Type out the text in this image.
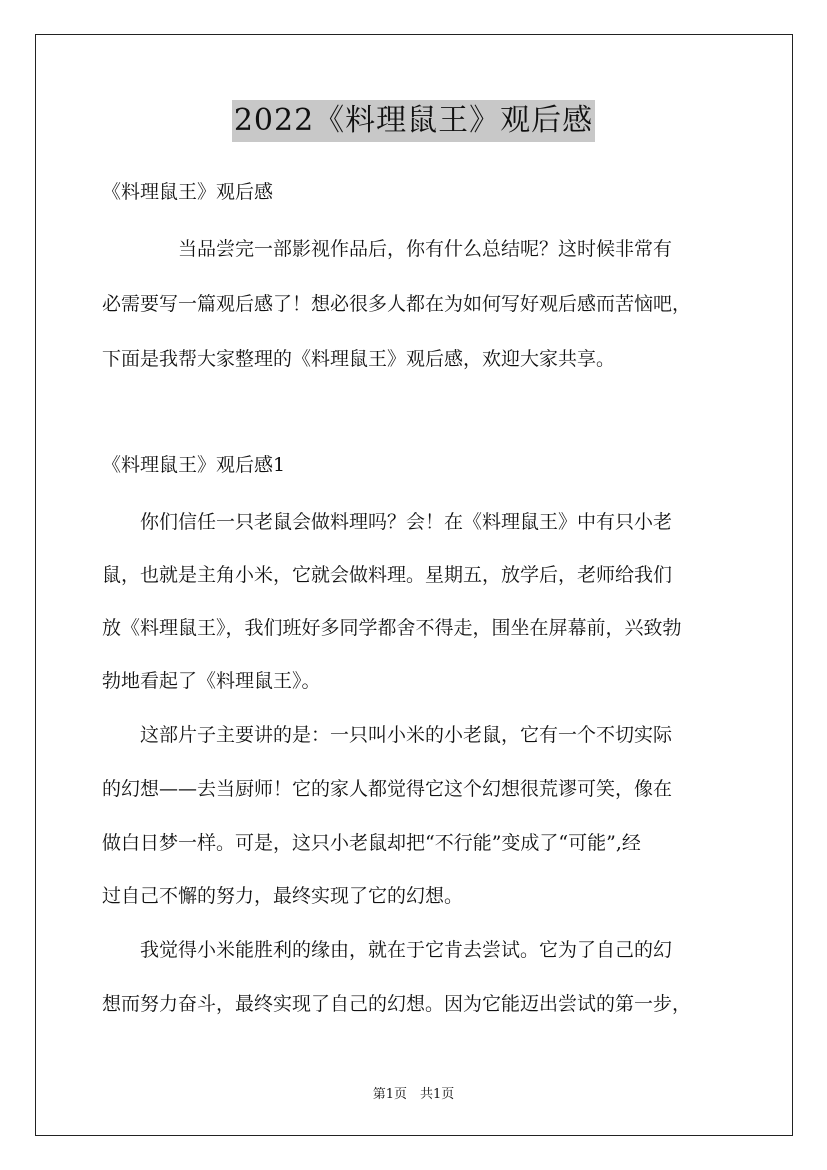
2022《料理鼠王》观后感
《料理鼠王》观后感
　　　　当品尝完一部影视作品后，你有什么总结呢？这时候非常有
必需要写一篇观后感了！想必很多人都在为如何写好观后感而苦恼吧，
下面是我帮大家整理的《料理鼠王》观后感，欢迎大家共享。
《料理鼠王》观后感1
　　你们信任一只老鼠会做料理吗？会！在《料理鼠王》中有只小老
鼠，也就是主角小米，它就会做料理。星期五，放学后，老师给我们
放《料理鼠王》，我们班好多同学都舍不得走，围坐在屏幕前，兴致勃
勃地看起了《料理鼠王》。
　　这部片子主要讲的是：一只叫小米的小老鼠，它有一个不切实际
的幻想——去当厨师！它的家人都觉得它这个幻想很荒谬可笑，像在
做白日梦一样。可是，这只小老鼠却把“不行能”变成了“可能”,经
过自己不懈的努力，最终实现了它的幻想。
　　我觉得小米能胜利的缘由，就在于它肯去尝试。它为了自己的幻
想而努力奋斗，最终实现了自己的幻想。因为它能迈出尝试的第一步，
第1页　共1页
